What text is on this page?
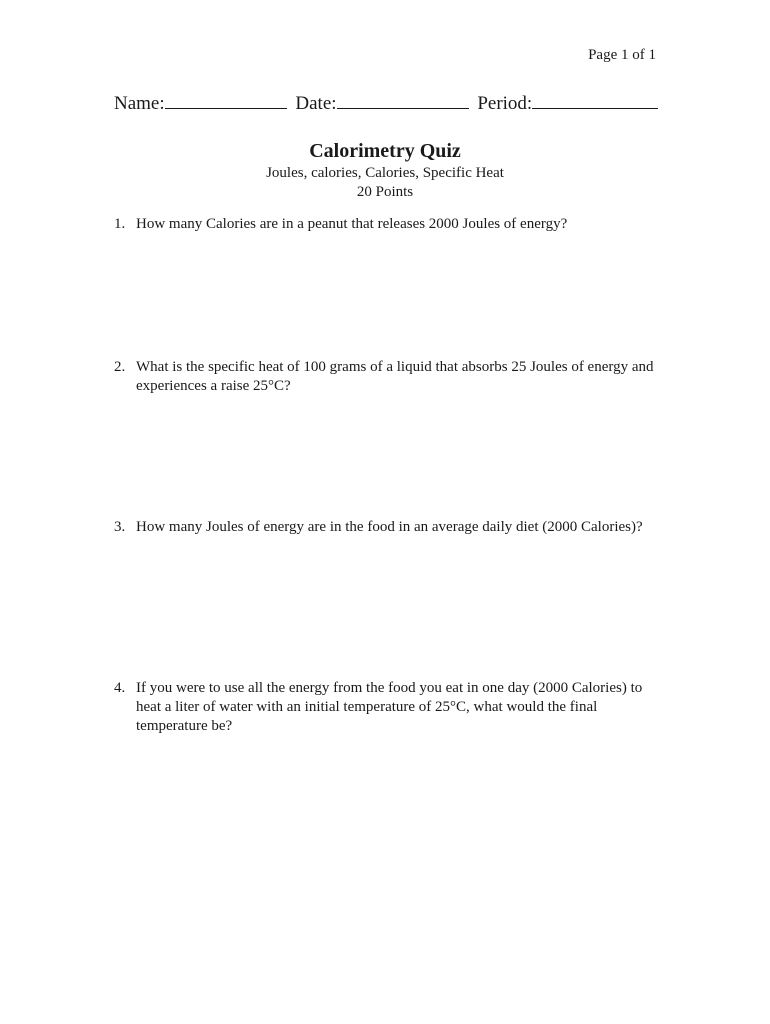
Page 1 of 1
Name:	Date:	Period:

Calorimetry Quiz

Joules, calories, Calories, Specific Heat

20 Points

1. How many Calories are in a peanut that releases 2000 Joules of energy?
2. What is the specific heat of 100 grams of a liquid that absorbs 25 Joules of energy and experiences a raise 25°C?
3. How many Joules of energy are in the food in an average daily diet (2000 Calories)?
4. If you were to use all the energy from the food you eat in one day (2000 Calories) to heat a liter of water with an initial temperature of 25°C, what would the final temperature be?
